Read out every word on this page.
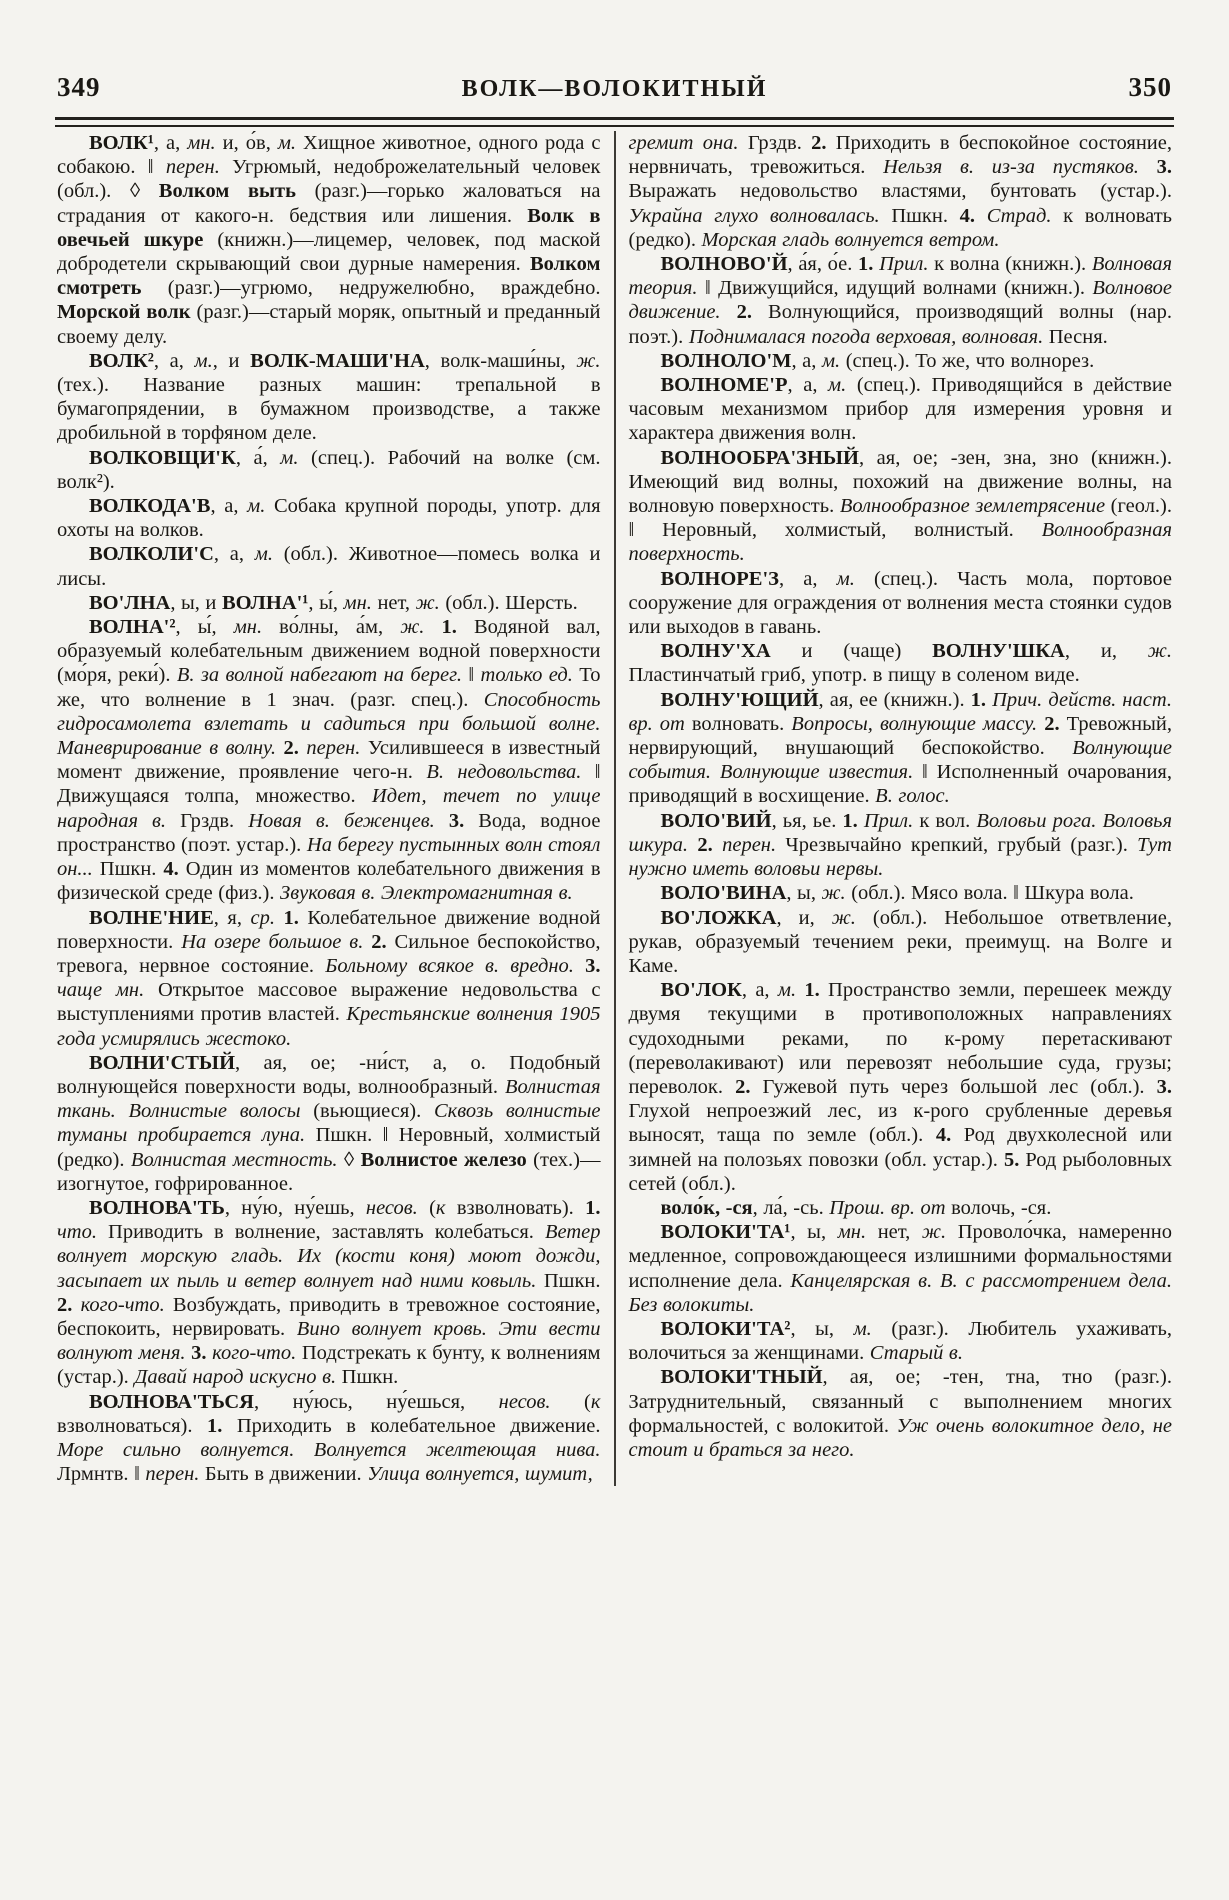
349	ВОЛК—ВОЛОКИТНЫЙ	350

ВОЛК¹, а, мн. и, о́в, м. Хищное животное, одного рода с собакою. ‖ перен. Угрюмый, недоброжелательный человек (обл.). ◊ Волком выть (разг.)—горько жаловаться на страдания от какого-н. бедствия или лишения. Волк в овечьей шкуре (книжн.)—лицемер, человек, под маской добродетели скрывающий свои дурные намерения. Волком смотреть (разг.)—угрюмо, недружелюбно, враждебно. Морской волк (разг.)—старый моряк, опытный и преданный своему делу.

ВОЛК², а, м., и ВОЛК-МАШИ'НА, волк-маши́ны, ж. (тех.). Название разных машин: трепальной в бумагопрядении, в бумажном производстве, а также дробильной в торфяном деле.

ВОЛКОВЩИ'К, а́, м. (спец.). Рабочий на волке (см. волк²).

ВОЛКОДА'В, а, м. Собака крупной породы, употр. для охоты на волков.

ВОЛКОЛИ'С, а, м. (обл.). Животное—помесь волка и лисы.

ВО'ЛНА, ы, и ВОЛНА'¹, ы́, мн. нет, ж. (обл.). Шерсть.

ВОЛНА'², ы́, мн. во́лны, а́м, ж. 1. Водяной вал, образуемый колебательным движением водной поверхности (мо́ря, реки́). В. за волной набегают на берег. ‖ только ед. То же, что волнение в 1 знач. (разг. спец.). Способность гидросамолета взлетать и садиться при большой волне. Маневрирование в волну. 2. перен. Усилившееся в известный момент движение, проявление чего-н. В. недовольства. ‖ Движущаяся толпа, множество. Идет, течет по улице народная в. Грздв. Новая в. беженцев. 3. Вода, водное пространство (поэт. устар.). На берегу пустынных волн стоял он... Пшкн. 4. Один из моментов колебательного движения в физической среде (физ.). Звуковая в. Электромагнитная в.

ВОЛНЕ'НИЕ, я, ср. 1. Колебательное движение водной поверхности. На озере большое в. 2. Сильное беспокойство, тревога, нервное состояние. Больному всякое в. вредно. 3. чаще мн. Открытое массовое выражение недовольства с выступлениями против властей. Крестьянские волнения 1905 года усмирялись жестоко.

ВОЛНИ'СТЫЙ, ая, ое; -ни́ст, а, о. Подобный волнующейся поверхности воды, волнообразный. Волнистая ткань. Волнистые волосы (вьющиеся). Сквозь волнистые туманы пробирается луна. Пшкн. ‖ Неровный, холмистый (редко). Волнистая местность. ◊ Волнистое железо (тех.)—изогнутое, гофрированное.

ВОЛНОВА'ТЬ, ну́ю, ну́ешь, несов. (к взволновать). 1. что. Приводить в волнение, заставлять колебаться. Ветер волнует морскую гладь. Их (кости коня) моют дожди, засыпает их пыль и ветер волнует над ними ковыль. Пшкн. 2. кого-что. Возбуждать, приводить в тревожное состояние, беспокоить, нервировать. Вино волнует кровь. Эти вести волнуют меня. 3. кого-что. Подстрекать к бунту, к волнениям (устар.). Давай народ искусно в. Пшкн.

ВОЛНОВА'ТЬСЯ, ну́юсь, ну́ешься, несов. (к взволноваться). 1. Приходить в колебательное движение. Море сильно волнуется. Волнуется желтеющая нива. Лрмнтв. ‖ перен. Быть в движении. Улица волнуется, шумит,

гремит она. Грздв. 2. Приходить в беспокойное состояние, нервничать, тревожиться. Нельзя в. из-за пустяков. 3. Выражать недовольство властями, бунтовать (устар.). Украйна глухо волновалась. Пшкн. 4. Страд. к волновать (редко). Морская гладь волнуется ветром.

ВОЛНОВО'Й, а́я, о́е. 1. Прил. к волна (книжн.). Волновая теория. ‖ Движущийся, идущий волнами (книжн.). Волновое движение. 2. Волнующийся, производящий волны (нар. поэт.). Поднималася погода верховая, волновая. Песня.

ВОЛНОЛО'М, а, м. (спец.). То же, что волнорез.

ВОЛНОМЕ'Р, а, м. (спец.). Приводящийся в действие часовым механизмом прибор для измерения уровня и характера движения волн.

ВОЛНООБРА'ЗНЫЙ, ая, ое; -зен, зна, зно (книжн.). Имеющий вид волны, похожий на движение волны, на волновую поверхность. Волнообразное землетрясение (геол.). ‖ Неровный, холмистый, волнистый. Волнообразная поверхность.

ВОЛНОРЕ'З, а, м. (спец.). Часть мола, портовое сооружение для ограждения от волнения места стоянки судов или выходов в гавань.

ВОЛНУ'ХА и (чаще) ВОЛНУ'ШКА, и, ж. Пластинчатый гриб, употр. в пищу в соленом виде.

ВОЛНУ'ЮЩИЙ, ая, ее (книжн.). 1. Прич. действ. наст. вр. от волновать. Вопросы, волнующие массу. 2. Тревожный, нервирующий, внушающий беспокойство. Волнующие события. Волнующие известия. ‖ Исполненный очарования, приводящий в восхищение. В. голос.

ВОЛО'ВИЙ, ья, ье. 1. Прил. к вол. Воловьи рога. Воловья шкура. 2. перен. Чрезвычайно крепкий, грубый (разг.). Тут нужно иметь воловьи нервы.

ВОЛО'ВИНА, ы, ж. (обл.). Мясо вола. ‖ Шкура вола.

ВО'ЛОЖКА, и, ж. (обл.). Небольшое ответвление, рукав, образуемый течением реки, преимущ. на Волге и Каме.

ВО'ЛОК, а, м. 1. Пространство земли, перешеек между двумя текущими в противоположных направлениях судоходными реками, по к-рому перетаскивают (переволакивают) или перевозят небольшие суда, грузы; переволок. 2. Гужевой путь через большой лес (обл.). 3. Глухой непроезжий лес, из к-рого срубленные деревья выносят, таща по земле (обл.). 4. Род двухколесной или зимней на полозьях повозки (обл. устар.). 5. Род рыболовных сетей (обл.).

воло́к, -ся, ла́, -сь. Прош. вр. от волочь, -ся.

ВОЛОКИ'ТА¹, ы, мн. нет, ж. Проволо́чка, намеренно медленное, сопровождающееся излишними формальностями исполнение дела. Канцелярская в. В. с рассмотрением дела. Без волокиты.

ВОЛОКИ'ТА², ы, м. (разг.). Любитель ухаживать, волочиться за женщинами. Старый в.

ВОЛОКИ'ТНЫЙ, ая, ое; -тен, тна, тно (разг.). Затруднительный, связанный с выполнением многих формальностей, с волокитой. Уж очень волокитное дело, не стоит и браться за него.
